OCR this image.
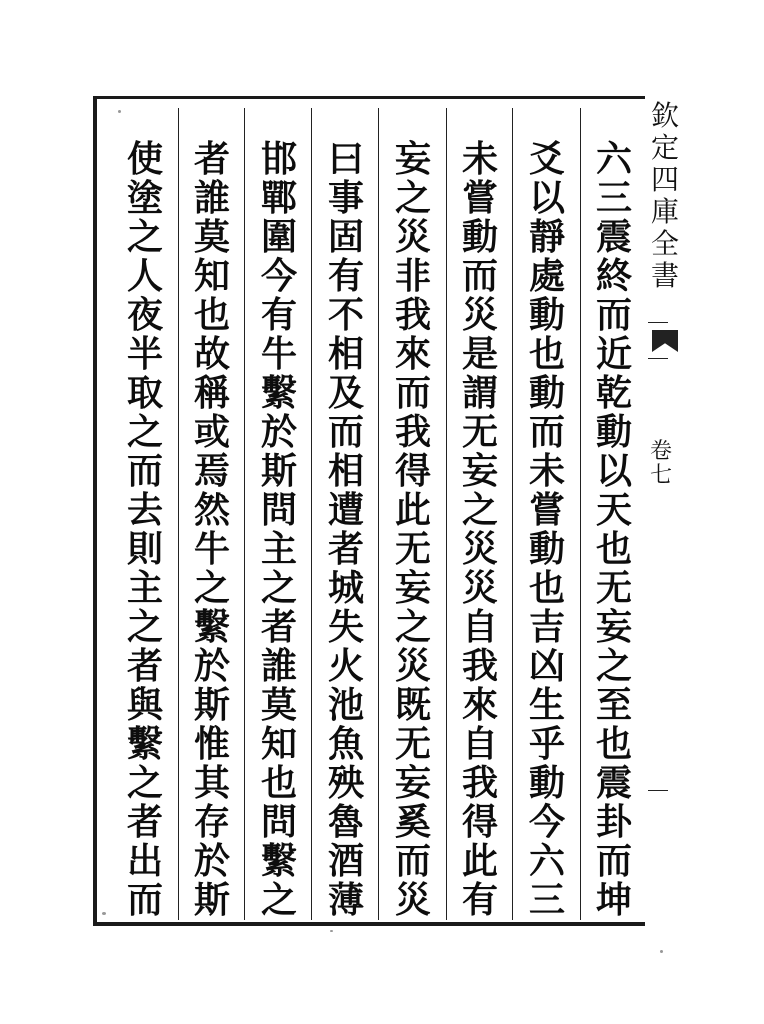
六
三
震
終
而
近
乾
動
以
天
也
无
妄
之
至
也
震
卦
而
坤
爻
以
靜
處
動
也
動
而
未
嘗
動
也
吉
凶
生
乎
動
今
六
三
未
嘗
動
而
災
是
謂
无
妄
之
災
災
自
我
來
自
我
得
此
有
妄
之
災
非
我
來
而
我
得
此
无
妄
之
災
既
无
妄
奚
而
災
曰
事
固
有
不
相
及
而
相
遭
者
城
失
火
池
魚
殃
魯
酒
薄
邯
鄲
圍
今
有
牛
繫
於
斯
問
主
之
者
誰
莫
知
也
問
繫
之
者
誰
莫
知
也
故
稱
或
焉
然
牛
之
繫
於
斯
惟
其
存
於
斯
使
塗
之
人
夜
半
取
之
而
去
則
主
之
者
與
繫
之
者
出
而
欽
定
四
庫
全
書
卷
七
